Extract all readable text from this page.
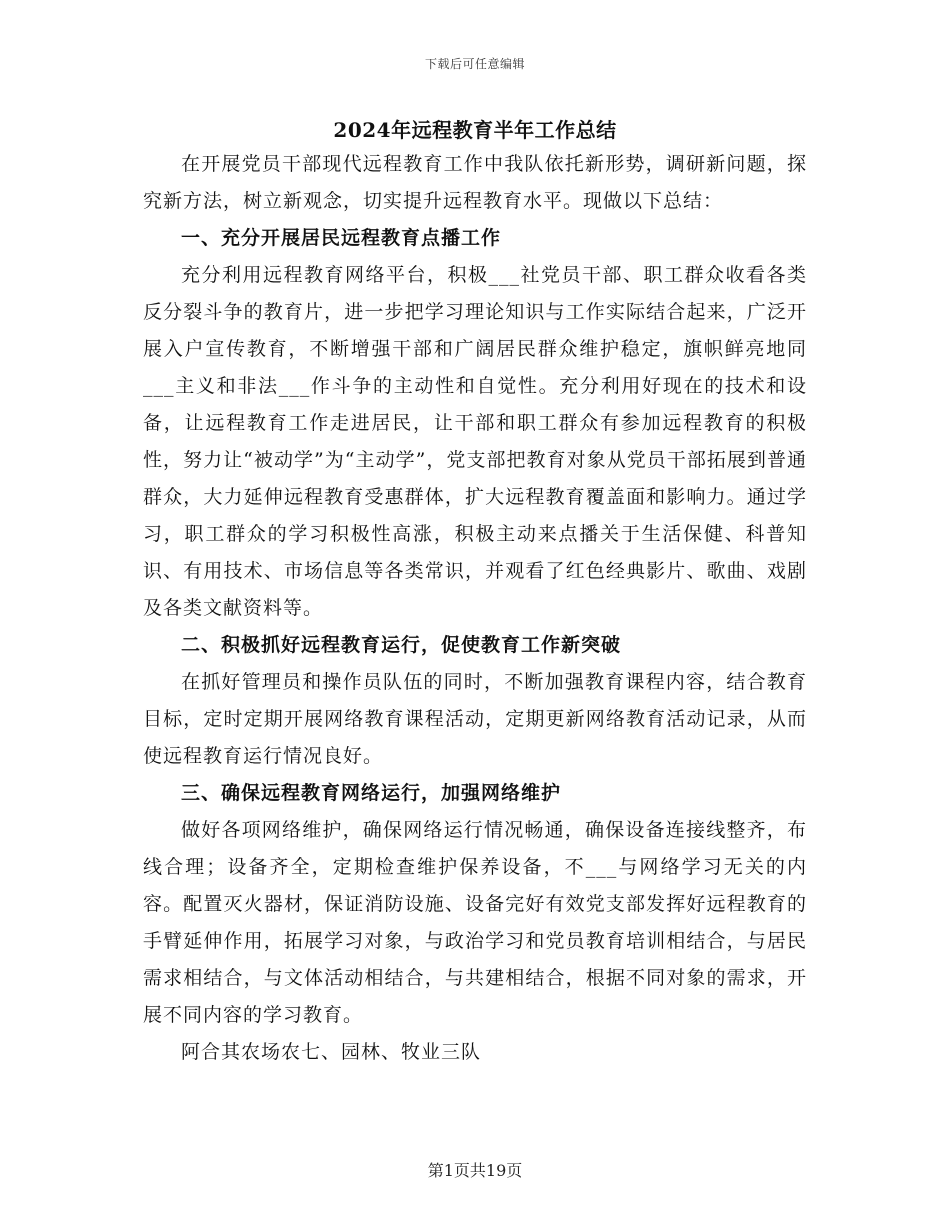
下载后可任意编辑
2024年远程教育半年工作总结

在开展党员干部现代远程教育工作中我队依托新形势，调研新问题，探究新方法，树立新观念，切实提升远程教育水平。现做以下总结：

一、充分开展居民远程教育点播工作

充分利用远程教育网络平台，积极___社党员干部、职工群众收看各类反分裂斗争的教育片，进一步把学习理论知识与工作实际结合起来，广泛开展入户宣传教育，不断增强干部和广阔居民群众维护稳定，旗帜鲜亮地同___主义和非法___作斗争的主动性和自觉性。充分利用好现在的技术和设备，让远程教育工作走进居民，让干部和职工群众有参加远程教育的积极性，努力让“被动学”为“主动学”，党支部把教育对象从党员干部拓展到普通群众，大力延伸远程教育受惠群体，扩大远程教育覆盖面和影响力。通过学习，职工群众的学习积极性高涨，积极主动来点播关于生活保健、科普知识、有用技术、市场信息等各类常识，并观看了红色经典影片、歌曲、戏剧及各类文献资料等。

二、积极抓好远程教育运行，促使教育工作新突破

在抓好管理员和操作员队伍的同时，不断加强教育课程内容，结合教育目标，定时定期开展网络教育课程活动，定期更新网络教育活动记录，从而使远程教育运行情况良好。

三、确保远程教育网络运行，加强网络维护

做好各项网络维护，确保网络运行情况畅通，确保设备连接线整齐，布线合理；设备齐全，定期检查维护保养设备，不___与网络学习无关的内容。配置灭火器材，保证消防设施、设备完好有效党支部发挥好远程教育的手臂延伸作用，拓展学习对象，与政治学习和党员教育培训相结合，与居民需求相结合，与文体活动相结合，与共建相结合，根据不同对象的需求，开展不同内容的学习教育。

阿合其农场农七、园林、牧业三队

第1页共19页
